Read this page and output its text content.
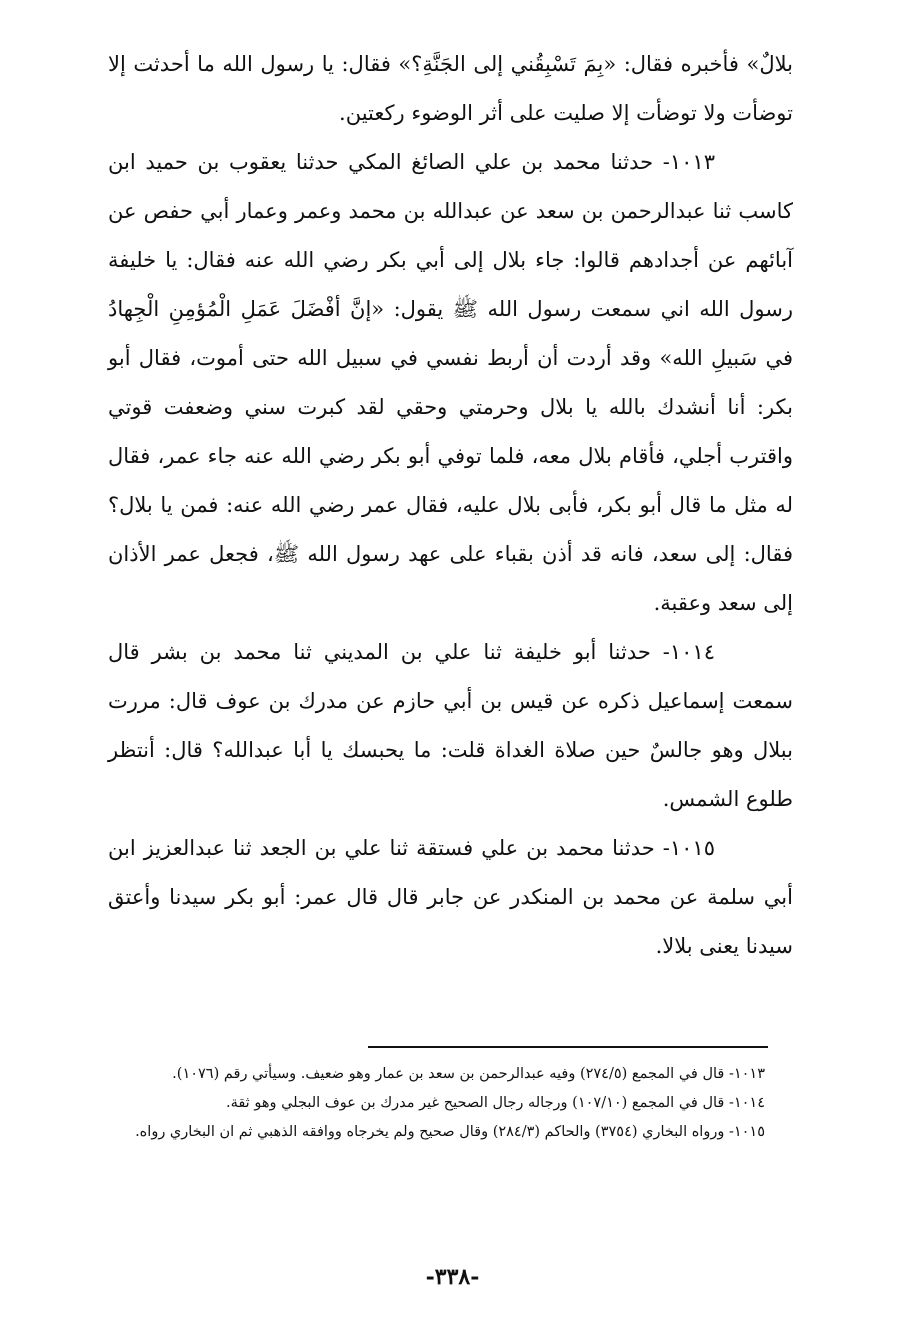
بلالٌ» فأخبره فقال: «بِمَ تَسْبِقُني إلى الجَنَّةِ؟» فقال: يا رسول الله ما أحدثت إلا توضأت ولا توضأت إلا صليت على أثر الوضوء ركعتين.

١٠١٣- حدثنا محمد بن علي الصائغ المكي حدثنا يعقوب بن حميد ابن كاسب ثنا عبدالرحمن بن سعد عن عبدالله بن محمد وعمر وعمار أبي حفص عن آبائهم عن أجدادهم قالوا: جاء بلال إلى أبي بكر رضي الله عنه فقال: يا خليفة رسول الله اني سمعت رسول الله ﷺ يقول: «إنَّ أفْضَلَ عَمَلِ الْمُؤمِنِ الْجِهادُ في سَبيلِ الله» وقد أردت أن أربط نفسي في سبيل الله حتى أموت، فقال أبو بكر: أنا أنشدك بالله يا بلال وحرمتي وحقي لقد كبرت سني وضعفت قوتي واقترب أجلي، فأقام بلال معه، فلما توفي أبو بكر رضي الله عنه جاء عمر، فقال له مثل ما قال أبو بكر، فأبى بلال عليه، فقال عمر رضي الله عنه: فمن يا بلال؟ فقال: إلى سعد، فانه قد أذن بقباء على عهد رسول الله ﷺ، فجعل عمر الأذان إلى سعد وعقبة.

١٠١٤- حدثنا أبو خليفة ثنا علي بن المديني ثنا محمد بن بشر قال سمعت إسماعيل ذكره عن قيس بن أبي حازم عن مدرك بن عوف قال: مررت ببلال وهو جالسٌ حين صلاة الغداة قلت: ما يحبسك يا أبا عبدالله؟ قال: أنتظر طلوع الشمس.

١٠١٥- حدثنا محمد بن علي فستقة ثنا علي بن الجعد ثنا عبدالعزيز ابن أبي سلمة عن محمد بن المنكدر عن جابر قال قال عمر: أبو بكر سيدنا وأعتق سيدنا يعنى بلالا.

١٠١٣- قال في المجمع (٢٧٤/٥) وفيه عبدالرحمن بن سعد بن عمار وهو ضعيف. وسيأتي رقم (١٠٧٦).

١٠١٤- قال في المجمع (١٠٧/١٠) ورجاله رجال الصحيح غير مدرك بن عوف البجلي وهو ثقة.

١٠١٥- ورواه البخاري (٣٧٥٤) والحاكم (٢٨٤/٣) وقال صحيح ولم يخرجاه ووافقه الذهبي ثم ان البخاري رواه.

-٣٣٨-
